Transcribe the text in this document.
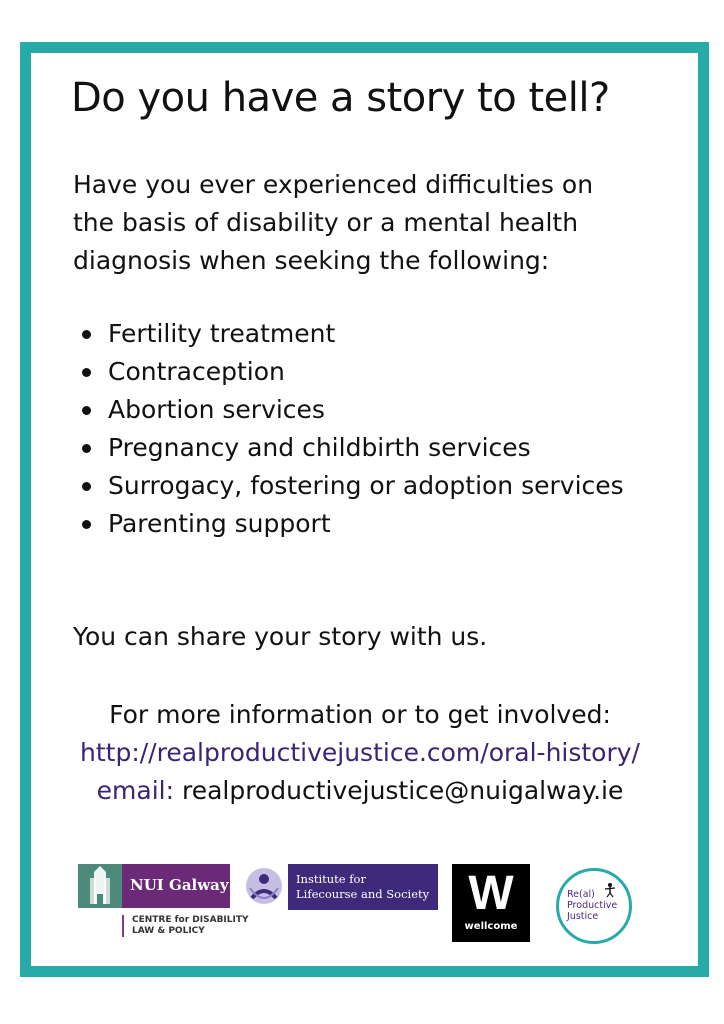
Do you have a story to tell?

Have you ever experienced difficulties on
the basis of disability or a mental health
diagnosis when seeking the following:

Fertility treatment
Contraception
Abortion services
Pregnancy and childbirth services
Surrogacy, fostering or adoption services
Parenting support

You can share your story with us.

For more information or to get involved:
http://realproductivejustice.com/oral-history/
email: realproductivejustice@nuigalway.ie
NUI Galway
CENTRE for DISABILITY
LAW & POLICY
Institute for
Lifecourse and Society W
wellcome
Re(al)
Productive
Justice
